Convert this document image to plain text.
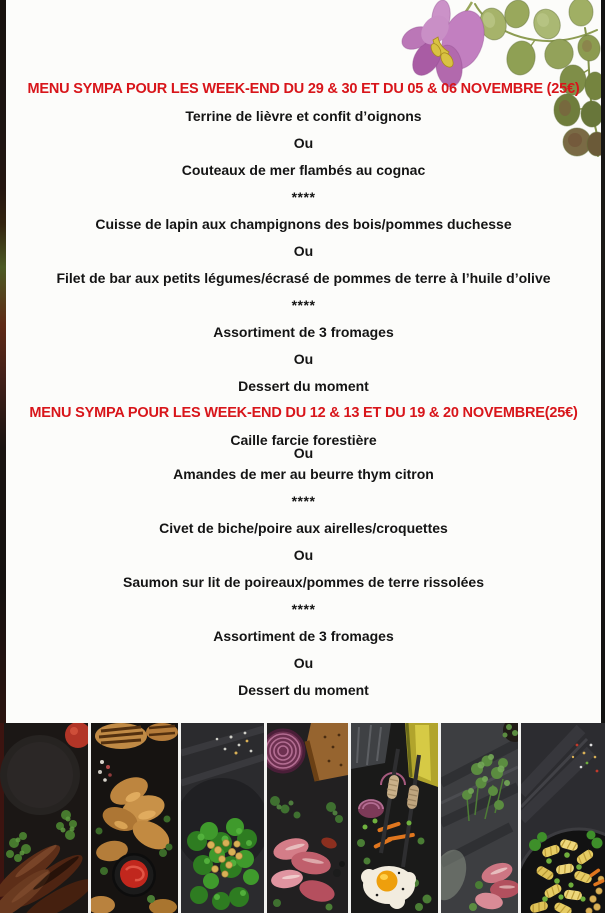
MENU SYMPA POUR LES WEEK-END DU 29 & 30 ET DU 05 & 06 NOVEMBRE (25€)
Terrine de lièvre et confit d’oignons
Ou
Couteaux de mer flambés au cognac
****
Cuisse de lapin aux champignons des bois/pommes duchesse
Ou
Filet de bar aux petits légumes/écrasé de pommes de terre à l’huile d’olive
****
Assortiment de 3 fromages
Ou
Dessert du moment
MENU SYMPA POUR LES WEEK-END DU 12 & 13 ET DU 19 & 20 NOVEMBRE(25€)
Caille farcie forestière
Ou
Amandes de mer au beurre thym citron
****
Civet de biche/poire aux airelles/croquettes
Ou
Saumon sur lit de poireaux/pommes de terre rissolées
****
Assortiment de 3 fromages
Ou
Dessert du moment
